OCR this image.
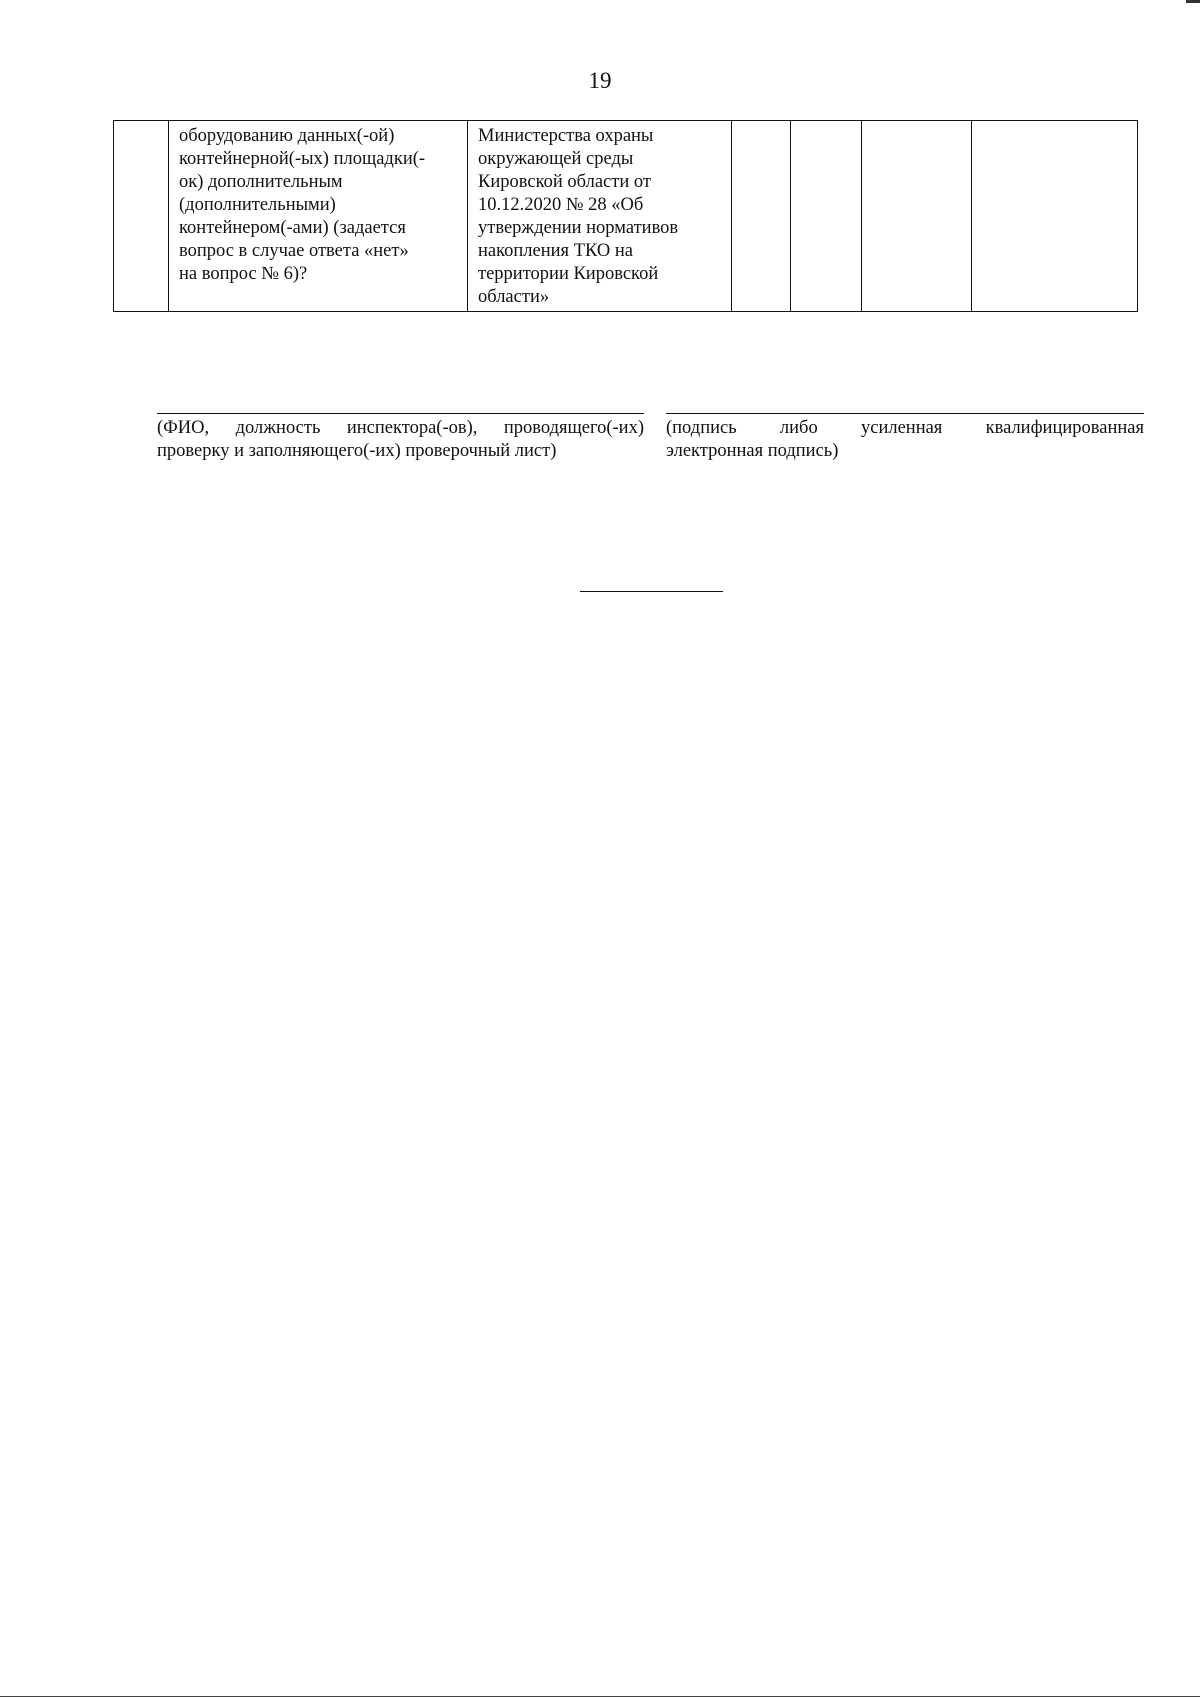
19

оборудованию данных(-ой)
контейнерной(-ых) площадки(-
ок) дополнительным
(дополнительными)
контейнером(-ами) (задается
вопрос в случае ответа «нет»
на вопрос № 6)?

Министерства охраны
окружающей среды
Кировской области от
10.12.2020 № 28 «Об
утверждении нормативов
накопления ТКО на
территории Кировской
области»

(ФИО, должность инспектора(-ов), проводящего(-их)
проверку и заполняющего(-их) проверочный лист)
(подпись либо усиленная квалифицированная
электронная подпись)
